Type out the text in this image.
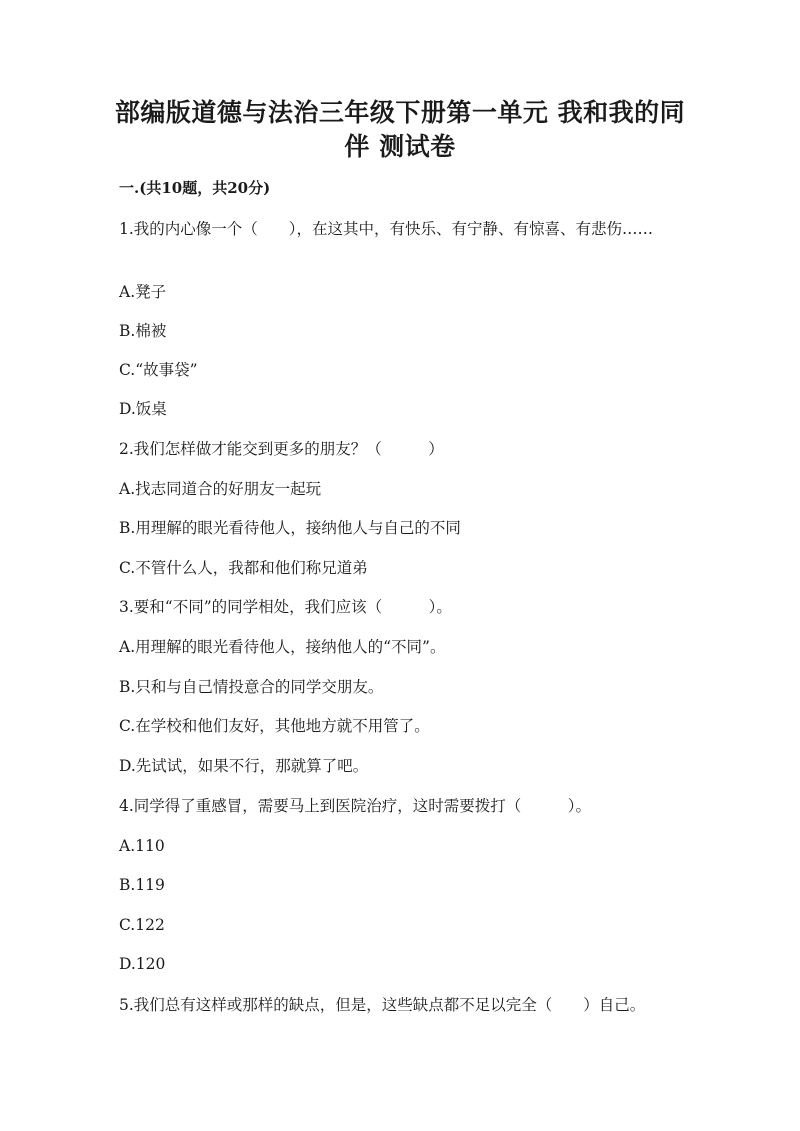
部编版道德与法治三年级下册第一单元 我和我的同伴 测试卷
一.(共10题，共20分)
1.我的内心像一个（　　），在这其中，有快乐、有宁静、有惊喜、有悲伤……
A.凳子
B.棉被
C.“故事袋”
D.饭桌
2.我们怎样做才能交到更多的朋友？（　　　）
A.找志同道合的好朋友一起玩
B.用理解的眼光看待他人，接纳他人与自己的不同
C.不管什么人，我都和他们称兄道弟
3.要和“不同”的同学相处，我们应该（　　　）。
A.用理解的眼光看待他人，接纳他人的“不同”。
B.只和与自己情投意合的同学交朋友。
C.在学校和他们友好，其他地方就不用管了。
D.先试试，如果不行，那就算了吧。
4.同学得了重感冒，需要马上到医院治疗，这时需要拨打（　　　）。
A.110
B.119
C.122
D.120
5.我们总有这样或那样的缺点，但是，这些缺点都不足以完全（　　）自己。
